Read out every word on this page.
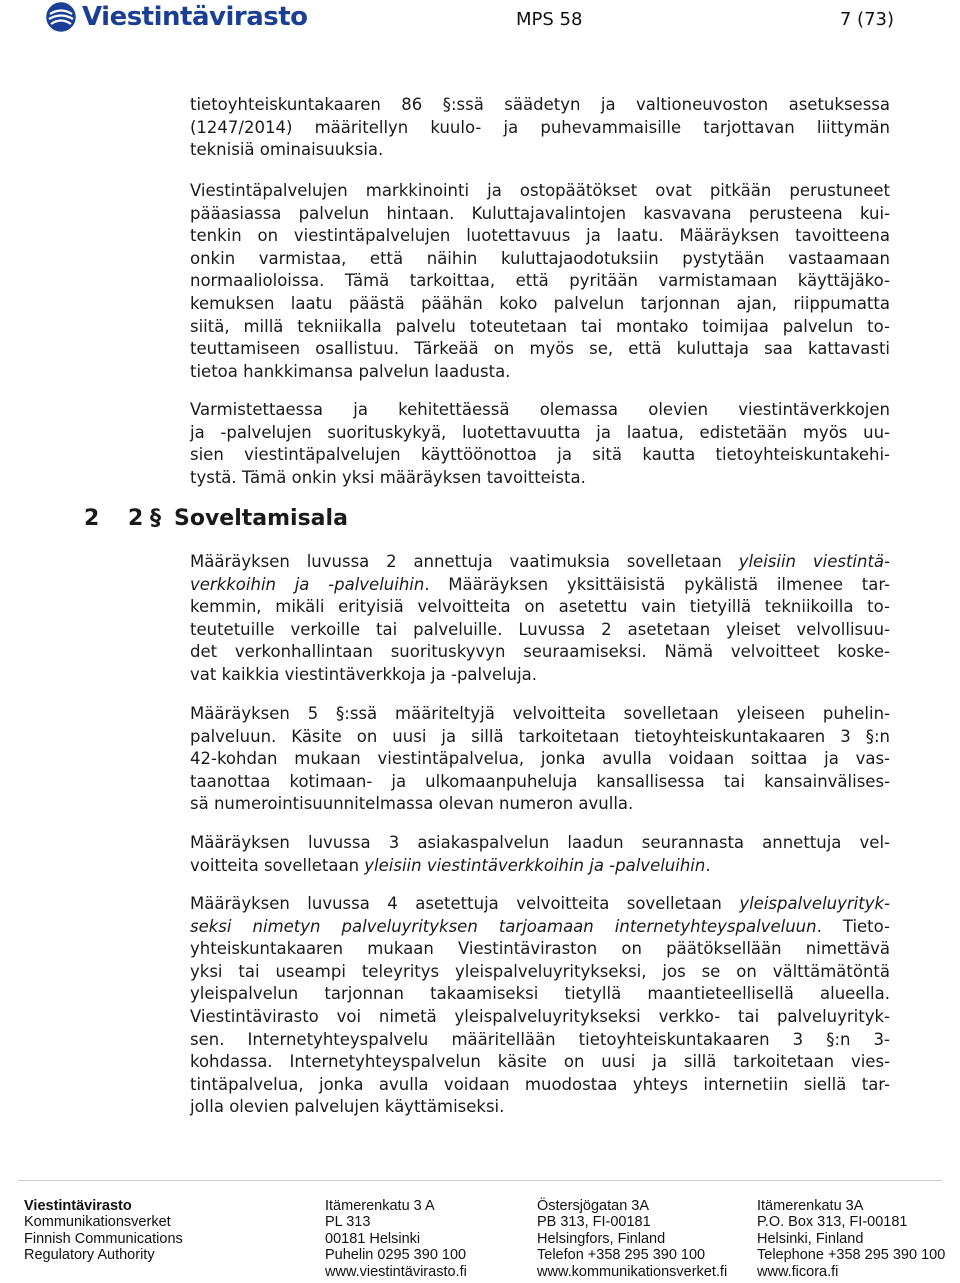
Viestintävirasto	MPS 58	7 (73)
tietoyhteiskuntakaaren 86 §:ssä säädetyn ja valtioneuvoston asetuksessa
(1247/2014) määritellyn kuulo- ja puhevammaisille tarjottavan liittymän
teknisiä ominaisuuksia.
Viestintäpalvelujen markkinointi ja ostopäätökset ovat pitkään perustuneet
pääasiassa palvelun hintaan. Kuluttajavalintojen kasvavana perusteena kui-
tenkin on viestintäpalvelujen luotettavuus ja laatu. Määräyksen tavoitteena
onkin varmistaa, että näihin kuluttajaodotuksiin pystytään vastaamaan
normaalioloissa. Tämä tarkoittaa, että pyritään varmistamaan käyttäjäko-
kemuksen laatu päästä päähän koko palvelun tarjonnan ajan, riippumatta
siitä, millä tekniikalla palvelu toteutetaan tai montako toimijaa palvelun to-
teuttamiseen osallistuu. Tärkeää on myös se, että kuluttaja saa kattavasti
tietoa hankkimansa palvelun laadusta.
Varmistettaessa ja kehitettäessä olemassa olevien viestintäverkkojen
ja -palvelujen suorituskykyä, luotettavuutta ja laatua, edistetään myös uu-
sien viestintäpalvelujen käyttöönottoa ja sitä kautta tietoyhteiskuntakehi-
tystä. Tämä onkin yksi määräyksen tavoitteista.
2 2 § Soveltamisala
Määräyksen luvussa 2 annettuja vaatimuksia sovelletaan yleisiin viestintä-
verkkoihin ja -palveluihin. Määräyksen yksittäisistä pykälistä ilmenee tar-
kemmin, mikäli erityisiä velvoitteita on asetettu vain tietyillä tekniikoilla to-
teutetuille verkoille tai palveluille. Luvussa 2 asetetaan yleiset velvollisuu-
det verkonhallintaan suorituskyvyn seuraamiseksi. Nämä velvoitteet koske-
vat kaikkia viestintäverkkoja ja -palveluja.
Määräyksen 5 §:ssä määriteltyjä velvoitteita sovelletaan yleiseen puhelin-
palveluun. Käsite on uusi ja sillä tarkoitetaan tietoyhteiskuntakaaren 3 §:n
42-kohdan mukaan viestintäpalvelua, jonka avulla voidaan soittaa ja vas-
taanottaa kotimaan- ja ulkomaanpuheluja kansallisessa tai kansainvälises-
sä numerointisuunnitelmassa olevan numeron avulla.
Määräyksen luvussa 3 asiakaspalvelun laadun seurannasta annettuja vel-
voitteita sovelletaan yleisiin viestintäverkkoihin ja -palveluihin.
Määräyksen luvussa 4 asetettuja velvoitteita sovelletaan yleispalveluyrityk-
seksi nimetyn palveluyrityksen tarjoamaan internetyhteyspalveluun. Tieto-
yhteiskuntakaaren mukaan Viestintäviraston on päätöksellään nimettävä
yksi tai useampi teleyritys yleispalveluyritykseksi, jos se on välttämätöntä
yleispalvelun tarjonnan takaamiseksi tietyllä maantieteellisellä alueella.
Viestintävirasto voi nimetä yleispalveluyritykseksi verkko- tai palveluyrityk-
sen. Internetyhteyspalvelu määritellään tietoyhteiskuntakaaren 3 §:n 3-
kohdassa. Internetyhteyspalvelun käsite on uusi ja sillä tarkoitetaan vies-
tintäpalvelua, jonka avulla voidaan muodostaa yhteys internetiin siellä tar-
jolla olevien palvelujen käyttämiseksi.
Viestintävirasto
Kommunikationsverket
Finnish Communications
Regulatory Authority
Itämerenkatu 3 A
PL 313
00181 Helsinki
Puhelin 0295 390 100
www.viestintävirasto.fi
Östersjögatan 3A
PB 313, FI-00181
Helsingfors, Finland
Telefon +358 295 390 100
www.kommunikationsverket.fi
Itämerenkatu 3A
P.O. Box 313, FI-00181
Helsinki, Finland
Telephone +358 295 390 100
www.ficora.fi
